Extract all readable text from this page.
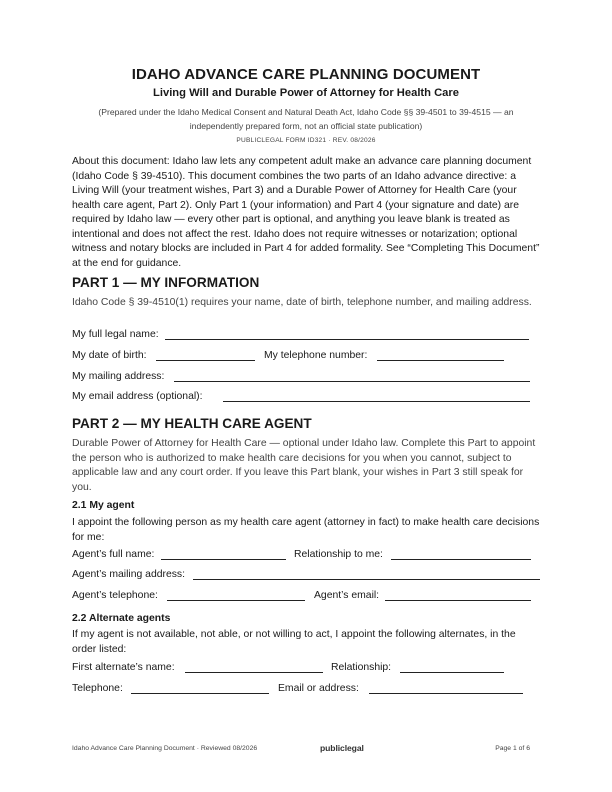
IDAHO ADVANCE CARE PLANNING DOCUMENT
Living Will and Durable Power of Attorney for Health Care
(Prepared under the Idaho Medical Consent and Natural Death Act, Idaho Code §§ 39-4501 to 39-4515 — an
independently prepared form, not an official state publication)
PUBLICLEGAL FORM ID321 · REV. 08/2026
About this document: Idaho law lets any competent adult make an advance care planning document (Idaho Code § 39-4510). This document combines the two parts of an Idaho advance directive: a Living Will (your treatment wishes, Part 3) and a Durable Power of Attorney for Health Care (your health care agent, Part 2). Only Part 1 (your information) and Part 4 (your signature and date) are required by Idaho law — every other part is optional, and anything you leave blank is treated as intentional and does not affect the rest. Idaho does not require witnesses or notarization; optional witness and notary blocks are included in Part 4 for added formality. See “Completing This Document” at the end for guidance.
PART 1 — MY INFORMATION
Idaho Code § 39-4510(1) requires your name, date of birth, telephone number, and mailing address.
My full legal name:
My date of birth:	My telephone number:
My mailing address:
My email address (optional):
PART 2 — MY HEALTH CARE AGENT
Durable Power of Attorney for Health Care — optional under Idaho law. Complete this Part to appoint the person who is authorized to make health care decisions for you when you cannot, subject to applicable law and any court order. If you leave this Part blank, your wishes in Part 3 still speak for you.
2.1 My agent
I appoint the following person as my health care agent (attorney in fact) to make health care decisions for me:
Agent’s full name:	Relationship to me:
Agent’s mailing address:
Agent’s telephone:	Agent’s email:
2.2 Alternate agents
If my agent is not available, not able, or not willing to act, I appoint the following alternates, in the order listed:
First alternate’s name:	Relationship:
Telephone:	Email or address:
Idaho Advance Care Planning Document · Reviewed 08/2026	publiclegal	Page 1 of 6
